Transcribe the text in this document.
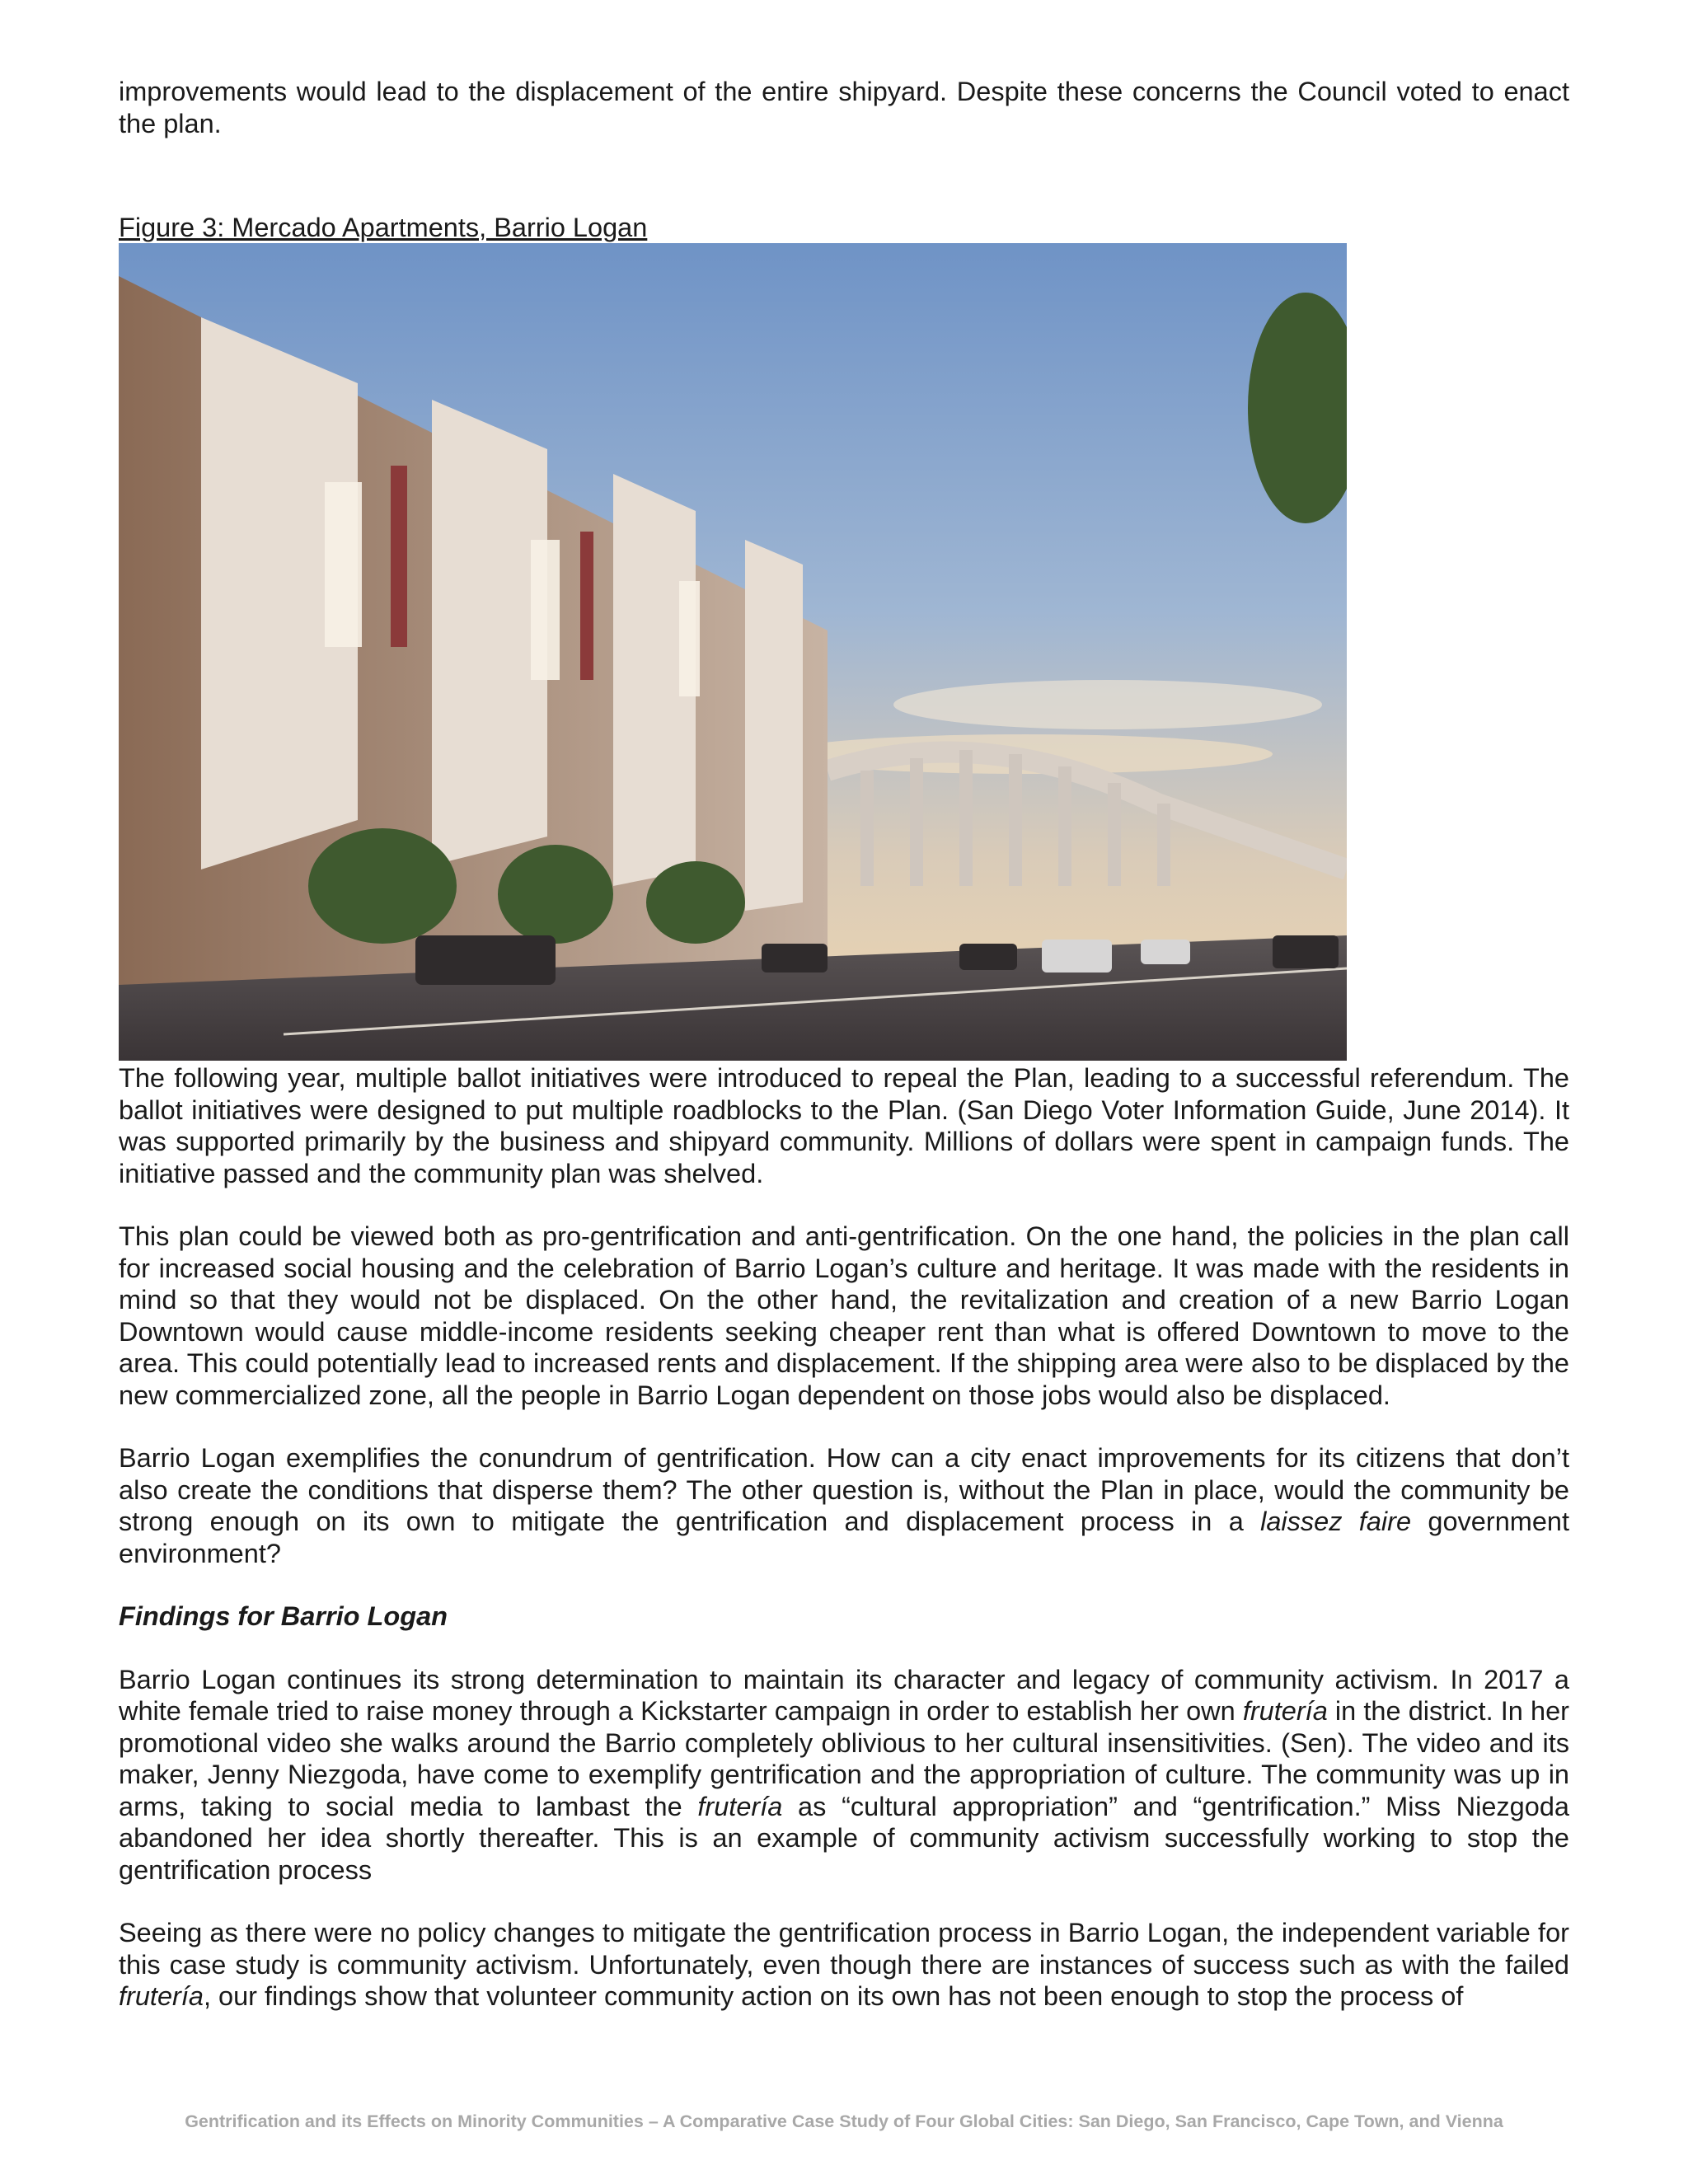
improvements would lead to the displacement of the entire shipyard. Despite these concerns the Council voted to enact the plan.

Figure 3: Mercado Apartments, Barrio Logan

The following year, multiple ballot initiatives were introduced to repeal the Plan, leading to a successful referendum. The ballot initiatives were designed to put multiple roadblocks to the Plan. (San Diego Voter Information Guide, June 2014). It was supported primarily by the business and shipyard community. Millions of dollars were spent in campaign funds. The initiative passed and the community plan was shelved.

This plan could be viewed both as pro-gentrification and anti-gentrification. On the one hand, the policies in the plan call for increased social housing and the celebration of Barrio Logan’s culture and heritage. It was made with the residents in mind so that they would not be displaced. On the other hand, the revitalization and creation of a new Barrio Logan Downtown would cause middle-income residents seeking cheaper rent than what is offered Downtown to move to the area. This could potentially lead to increased rents and displacement. If the shipping area were also to be displaced by the new commercialized zone, all the people in Barrio Logan dependent on those jobs would also be displaced.

Barrio Logan exemplifies the conundrum of gentrification. How can a city enact improvements for its citizens that don’t also create the conditions that disperse them? The other question is, without the Plan in place, would the community be strong enough on its own to mitigate the gentrification and displacement process in a laissez faire government environment?

Findings for Barrio Logan

Barrio Logan continues its strong determination to maintain its character and legacy of community activism. In 2017 a white female tried to raise money through a Kickstarter campaign in order to establish her own frutería in the district. In her promotional video she walks around the Barrio completely oblivious to her cultural insensitivities. (Sen). The video and its maker, Jenny Niezgoda, have come to exemplify gentrification and the appropriation of culture. The community was up in arms, taking to social media to lambast the frutería as “cultural appropriation” and “gentrification.” Miss Niezgoda abandoned her idea shortly thereafter. This is an example of community activism successfully working to stop the gentrification process

Seeing as there were no policy changes to mitigate the gentrification process in Barrio Logan, the independent variable for this case study is community activism. Unfortunately, even though there are instances of success such as with the failed frutería, our findings show that volunteer community action on its own has not been enough to stop the process of

Gentrification and its Effects on Minority Communities – A Comparative Case Study of Four Global Cities: San Diego, San Francisco, Cape Town, and Vienna
